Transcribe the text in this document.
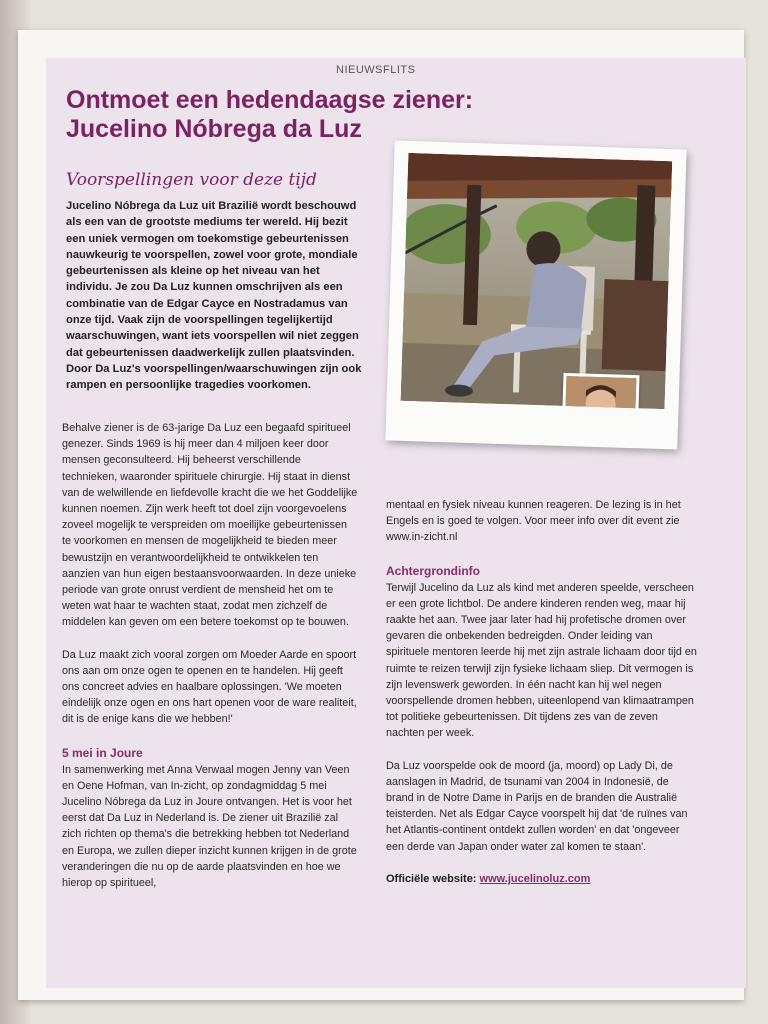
NIEUWSFLITS
Ontmoet een hedendaagse ziener:
Jucelino Nóbrega da Luz
Voorspellingen voor deze tijd

Jucelino Nóbrega da Luz uit Brazilië wordt beschouwd als een van de grootste mediums ter wereld. Hij bezit een uniek vermogen om toekomstige gebeurtenissen nauwkeurig te voorspellen, zowel voor grote, mondiale gebeurtenissen als kleine op het niveau van het individu. Je zou Da Luz kunnen omschrijven als een combinatie van de Edgar Cayce en Nostradamus van onze tijd. Vaak zijn de voorspellingen tegelijkertijd waarschuwingen, want iets voorspellen wil niet zeggen dat gebeurtenissen daadwerkelijk zullen plaatsvinden. Door Da Luz's voorspellingen/waarschuwingen zijn ook rampen en persoonlijke tragedies voorkomen.

Behalve ziener is de 63-jarige Da Luz een begaafd spiritueel genezer. Sinds 1969 is hij meer dan 4 miljoen keer door mensen geconsulteerd. Hij beheerst verschillende technieken, waaronder spirituele chirurgie. Hij staat in dienst van de welwillende en liefdevolle kracht die we het Goddelijke kunnen noemen. Zijn werk heeft tot doel zijn voorgevoelens zoveel mogelijk te verspreiden om moeilijke gebeurtenissen te voorkomen en mensen de mogelijkheid te bieden meer bewustzijn en verantwoordelijkheid te ontwikkelen ten aanzien van hun eigen bestaansvoorwaarden. In deze unieke periode van grote onrust verdient de mensheid het om te weten wat haar te wachten staat, zodat men zichzelf de middelen kan geven om een betere toekomst op te bouwen.

Da Luz maakt zich vooral zorgen om Moeder Aarde en spoort ons aan om onze ogen te openen en te handelen. Hij geeft ons concreet advies en haalbare oplossingen. 'We moeten eindelijk onze ogen en ons hart openen voor de ware realiteit, dit is de enige kans die we hebben!'

5 mei in Joure

In samenwerking met Anna Verwaal mogen Jenny van Veen en Oene Hofman, van In-zicht, op zondagmiddag 5 mei Jucelino Nóbrega da Luz in Joure ontvangen. Het is voor het eerst dat Da Luz in Nederland is. De ziener uit Brazilië zal zich richten op thema's die betrekking hebben tot Nederland en Europa, we zullen dieper inzicht kunnen krijgen in de grote veranderingen die nu op de aarde plaatsvinden en hoe we hierop op spiritueel,

mentaal en fysiek niveau kunnen reageren. De lezing is in het Engels en is goed te volgen. Voor meer info over dit event zie www.in-zicht.nl

Achtergrondinfo

Terwijl Jucelino da Luz als kind met anderen speelde, verscheen er een grote lichtbol. De andere kinderen renden weg, maar hij raakte het aan. Twee jaar later had hij profetische dromen over gevaren die onbekenden bedreigden. Onder leiding van spirituele mentoren leerde hij met zijn astrale lichaam door tijd en ruimte te reizen terwijl zijn fysieke lichaam sliep. Dit vermogen is zijn levenswerk geworden. In één nacht kan hij wel negen voorspellende dromen hebben, uiteenlopend van klimaatrampen tot politieke gebeurtenissen. Dit tijdens zes van de zeven nachten per week.

Da Luz voorspelde ook de moord (ja, moord) op Lady Di, de aanslagen in Madrid, de tsunami van 2004 in Indonesië, de brand in de Notre Dame in Parijs en de branden die Australië teisterden. Net als Edgar Cayce voorspelt hij dat 'de ruïnes van het Atlantis-continent ontdekt zullen worden' en dat 'ongeveer een derde van Japan onder water zal komen te staan'.

Officiële website: www.jucelinoluz.com
